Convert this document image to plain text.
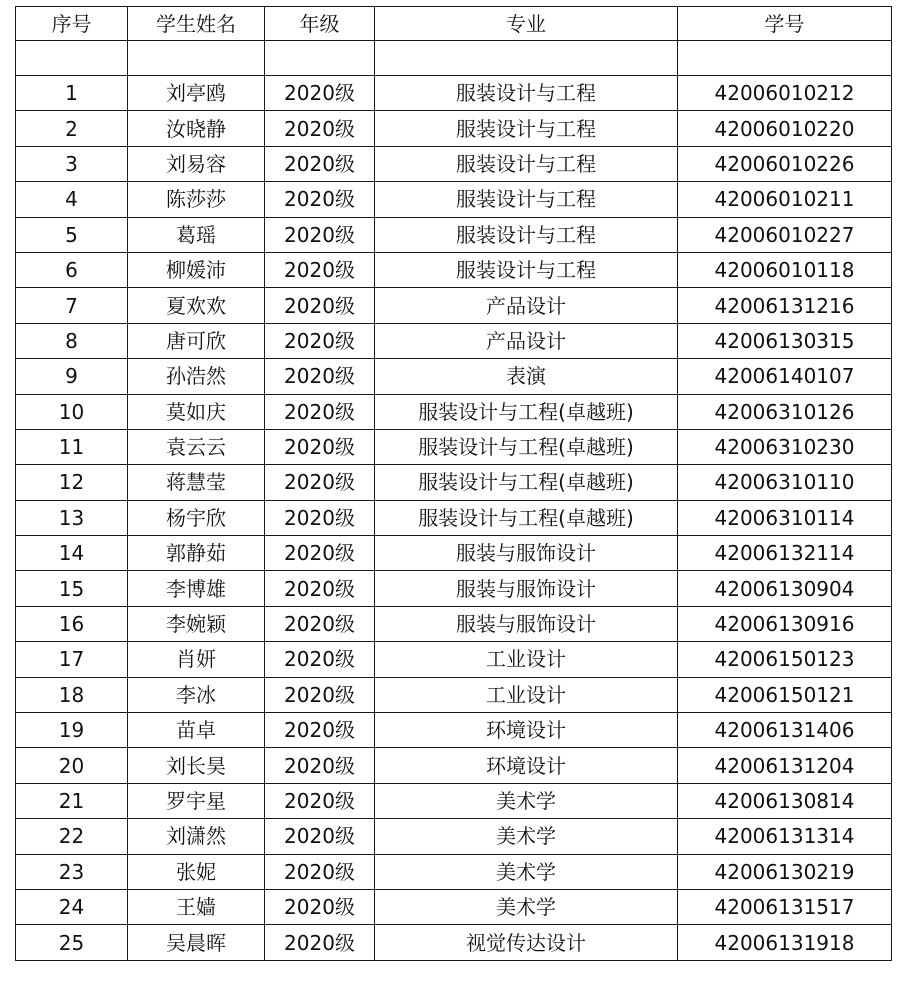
序号	学生姓名	年级	专业	学号

1	刘亭鸥	2020级	服装设计与工程	42006010212
2	汝晓静	2020级	服装设计与工程	42006010220
3	刘易容	2020级	服装设计与工程	42006010226
4	陈莎莎	2020级	服装设计与工程	42006010211
5	葛瑶	2020级	服装设计与工程	42006010227
6	柳媛沛	2020级	服装设计与工程	42006010118
7	夏欢欢	2020级	产品设计	42006131216
8	唐可欣	2020级	产品设计	42006130315
9	孙浩然	2020级	表演	42006140107
10	莫如庆	2020级	服装设计与工程(卓越班)	42006310126
11	袁云云	2020级	服装设计与工程(卓越班)	42006310230
12	蒋慧莹	2020级	服装设计与工程(卓越班)	42006310110
13	杨宇欣	2020级	服装设计与工程(卓越班)	42006310114
14	郭静茹	2020级	服装与服饰设计	42006132114
15	李博雄	2020级	服装与服饰设计	42006130904
16	李婉颖	2020级	服装与服饰设计	42006130916
17	肖妍	2020级	工业设计	42006150123
18	李冰	2020级	工业设计	42006150121
19	苗卓	2020级	环境设计	42006131406
20	刘长昊	2020级	环境设计	42006131204
21	罗宇星	2020级	美术学	42006130814
22	刘潇然	2020级	美术学	42006131314
23	张妮	2020级	美术学	42006130219
24	王嫱	2020级	美术学	42006131517
25	吴晨晖	2020级	视觉传达设计	42006131918
